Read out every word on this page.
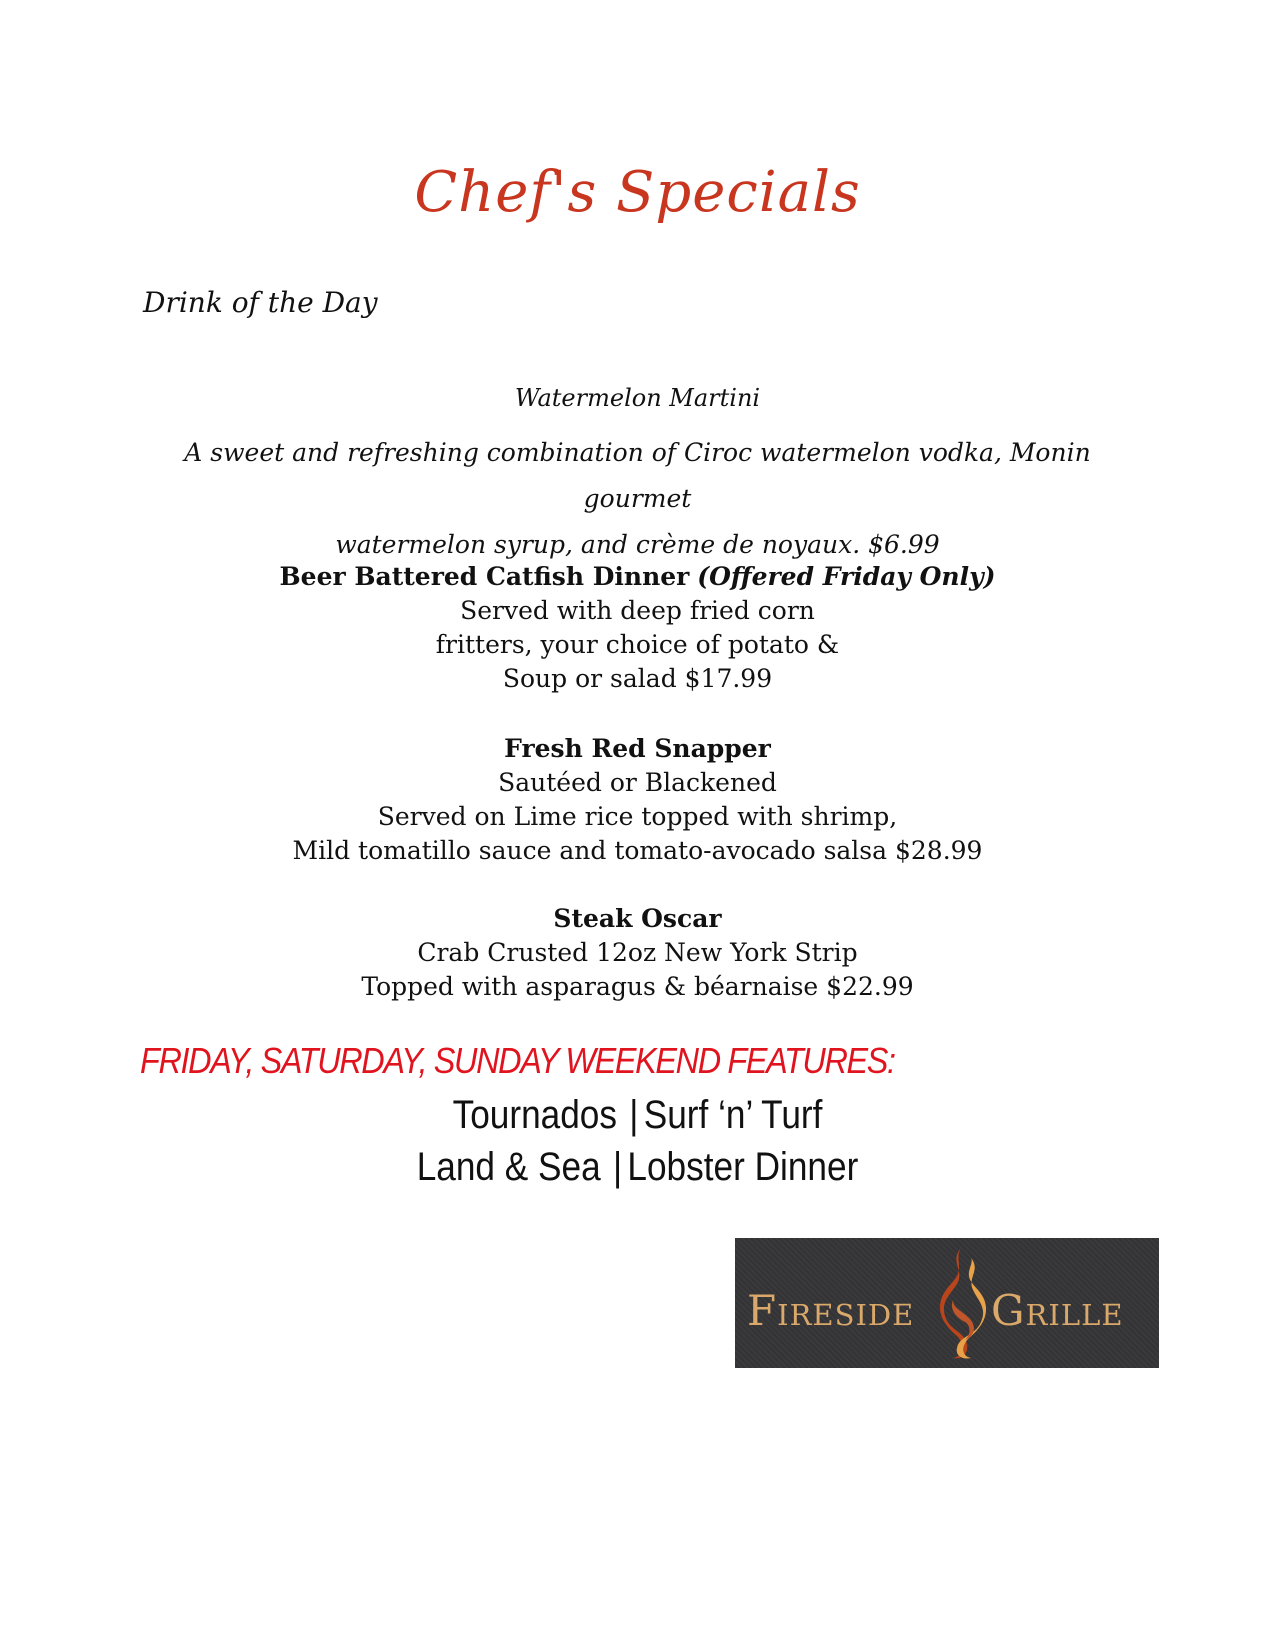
Chef's Specials
Drink of the Day
Watermelon Martini
A sweet and refreshing combination of Ciroc watermelon vodka, Monin gourmet
watermelon syrup, and crème de noyaux. $6.99
Beer Battered Catfish Dinner (Offered Friday Only)
Served with deep fried corn
fritters, your choice of potato &
Soup or salad $17.99
Fresh Red Snapper
Sautéed or Blackened
Served on Lime rice topped with shrimp,
Mild tomatillo sauce and tomato-avocado salsa $28.99
Steak Oscar
Crab Crusted 12oz New York Strip
Topped with asparagus & béarnaise $22.99
FRIDAY, SATURDAY, SUNDAY WEEKEND FEATURES:
Tournados | Surf ‘n’ Turf
Land & Sea | Lobster Dinner
Fireside Grille
